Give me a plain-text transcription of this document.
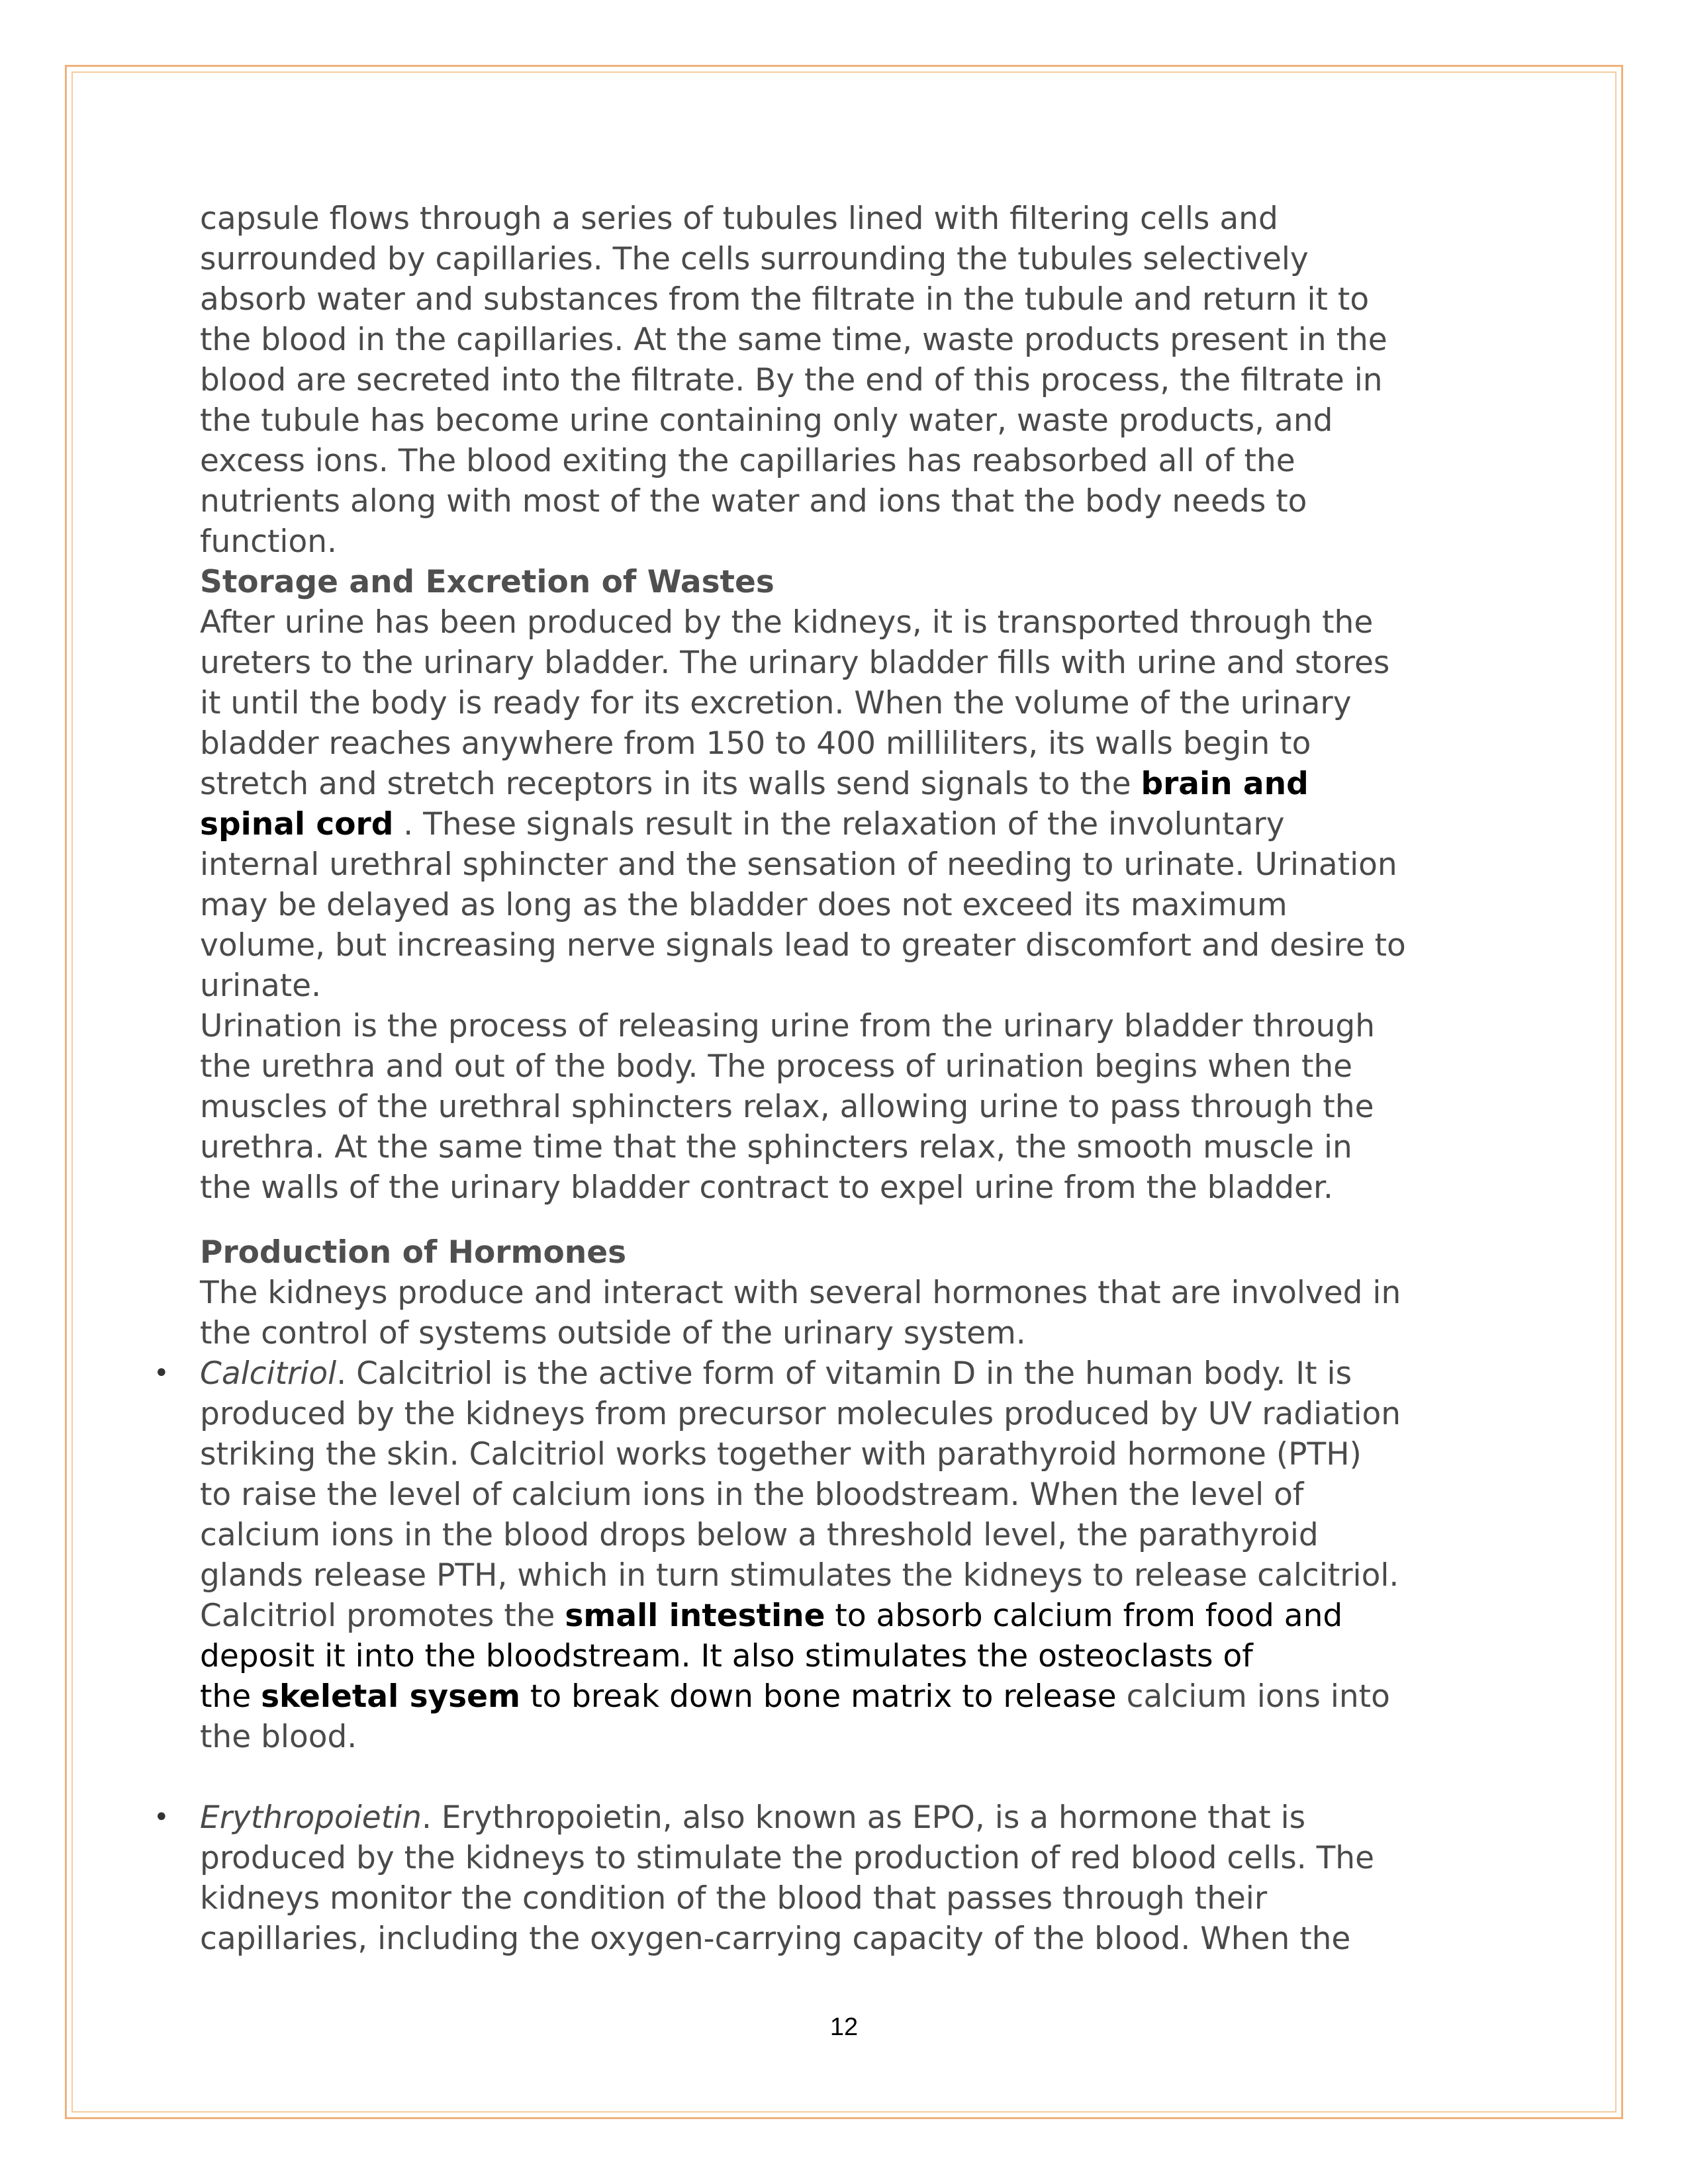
capsule flows through a series of tubules lined with filtering cells and
surrounded by capillaries. The cells surrounding the tubules selectively
absorb water and substances from the filtrate in the tubule and return it to
the blood in the capillaries. At the same time, waste products present in the
blood are secreted into the filtrate. By the end of this process, the filtrate in
the tubule has become urine containing only water, waste products, and
excess ions. The blood exiting the capillaries has reabsorbed all of the
nutrients along with most of the water and ions that the body needs to
function.
Storage and Excretion of Wastes
After urine has been produced by the kidneys, it is transported through the
ureters to the urinary bladder. The urinary bladder fills with urine and stores
it until the body is ready for its excretion. When the volume of the urinary
bladder reaches anywhere from 150 to 400 milliliters, its walls begin to
stretch and stretch receptors in its walls send signals to the brain and
spinal cord . These signals result in the relaxation of the involuntary
internal urethral sphincter and the sensation of needing to urinate. Urination
may be delayed as long as the bladder does not exceed its maximum
volume, but increasing nerve signals lead to greater discomfort and desire to
urinate.
Urination is the process of releasing urine from the urinary bladder through
the urethra and out of the body. The process of urination begins when the
muscles of the urethral sphincters relax, allowing urine to pass through the
urethra. At the same time that the sphincters relax, the smooth muscle in
the walls of the urinary bladder contract to expel urine from the bladder.
Production of Hormones
The kidneys produce and interact with several hormones that are involved in
the control of systems outside of the urinary system.
• Calcitriol. Calcitriol is the active form of vitamin D in the human body. It is
produced by the kidneys from precursor molecules produced by UV radiation
striking the skin. Calcitriol works together with parathyroid hormone (PTH)
to raise the level of calcium ions in the bloodstream. When the level of
calcium ions in the blood drops below a threshold level, the parathyroid
glands release PTH, which in turn stimulates the kidneys to release calcitriol.
Calcitriol promotes the small intestine to absorb calcium from food and
deposit it into the bloodstream. It also stimulates the osteoclasts of
the skeletal sysem to break down bone matrix to release calcium ions into
the blood.
• Erythropoietin. Erythropoietin, also known as EPO, is a hormone that is
produced by the kidneys to stimulate the production of red blood cells. The
kidneys monitor the condition of the blood that passes through their
capillaries, including the oxygen-carrying capacity of the blood. When the
12
